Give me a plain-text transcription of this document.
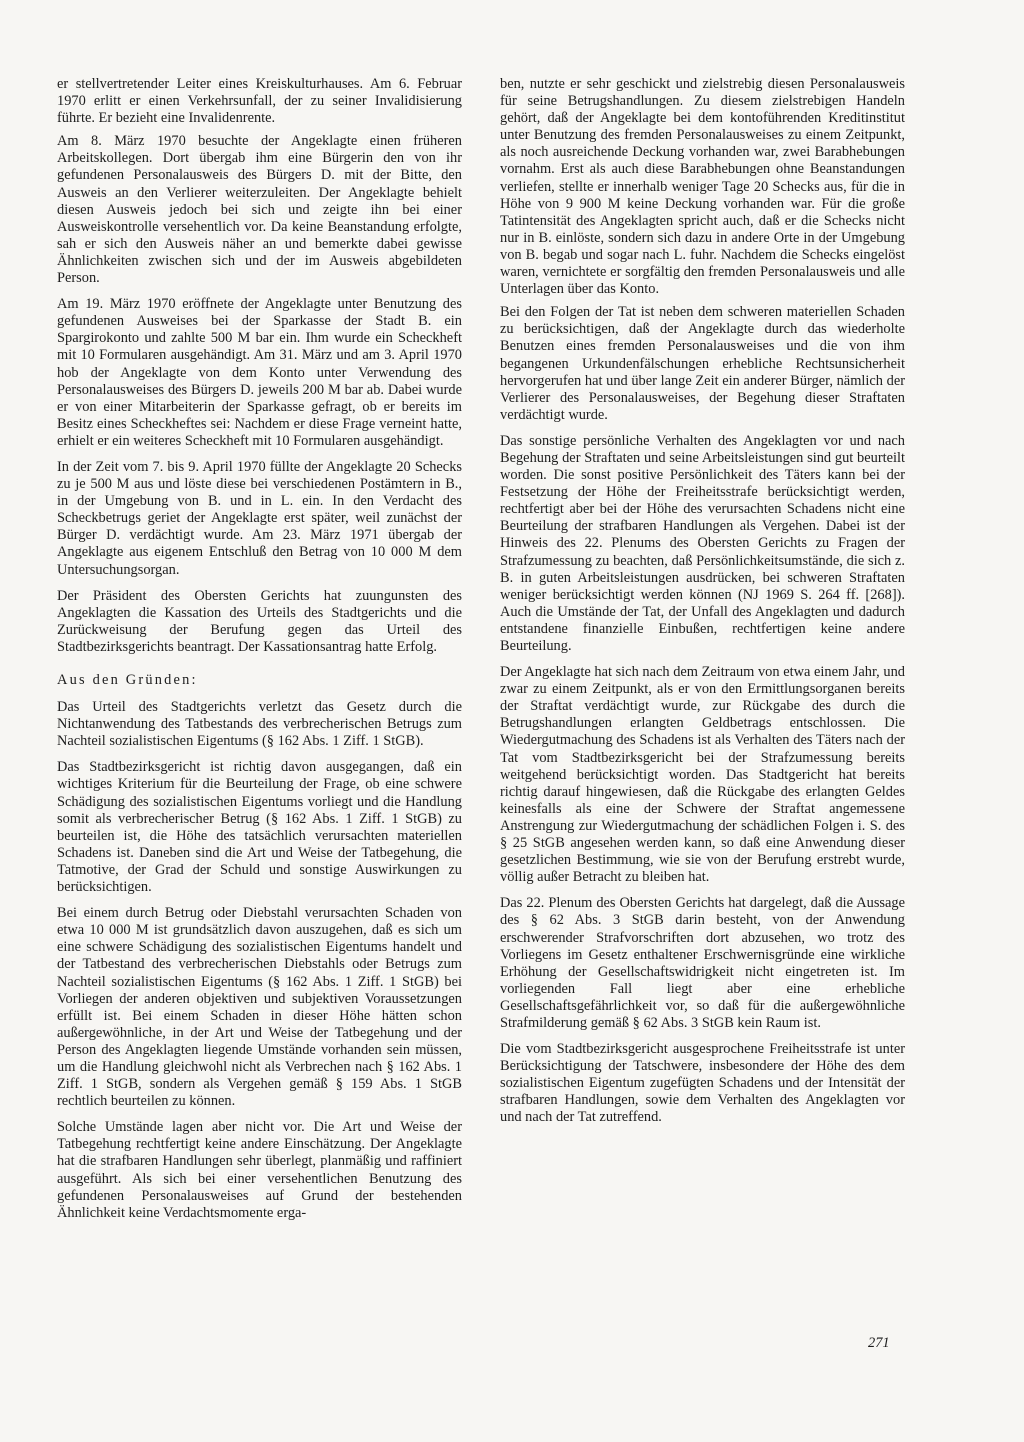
er stellvertretender Leiter eines Kreiskulturhauses. Am 6. Februar 1970 erlitt er einen Verkehrsunfall, der zu seiner Invalidisierung führte. Er bezieht eine Invalidenrente.

Am 8. März 1970 besuchte der Angeklagte einen früheren Arbeitskollegen. Dort übergab ihm eine Bürgerin den von ihr gefundenen Personalausweis des Bürgers D. mit der Bitte, den Ausweis an den Verlierer weiterzuleiten. Der Angeklagte behielt diesen Ausweis jedoch bei sich und zeigte ihn bei einer Ausweiskontrolle versehentlich vor. Da keine Beanstandung erfolgte, sah er sich den Ausweis näher an und bemerkte dabei gewisse Ähnlichkeiten zwischen sich und der im Ausweis abgebildeten Person.

Am 19. März 1970 eröffnete der Angeklagte unter Benutzung des gefundenen Ausweises bei der Sparkasse der Stadt B. ein Spargirokonto und zahlte 500 M bar ein. Ihm wurde ein Scheckheft mit 10 Formularen ausgehändigt. Am 31. März und am 3. April 1970 hob der Angeklagte von dem Konto unter Verwendung des Personalausweises des Bürgers D. jeweils 200 M bar ab. Dabei wurde er von einer Mitarbeiterin der Sparkasse gefragt, ob er bereits im Besitz eines Scheckheftes sei: Nachdem er diese Frage verneint hatte, erhielt er ein weiteres Scheckheft mit 10 Formularen ausgehändigt.

In der Zeit vom 7. bis 9. April 1970 füllte der Angeklagte 20 Schecks zu je 500 M aus und löste diese bei verschiedenen Postämtern in B., in der Umgebung von B. und in L. ein. In den Verdacht des Scheckbetrugs geriet der Angeklagte erst später, weil zunächst der Bürger D. verdächtigt wurde. Am 23. März 1971 übergab der Angeklagte aus eigenem Entschluß den Betrag von 10 000 M dem Untersuchungsorgan.

Der Präsident des Obersten Gerichts hat zuungunsten des Angeklagten die Kassation des Urteils des Stadtgerichts und die Zurückweisung der Berufung gegen das Urteil des Stadtbezirksgerichts beantragt. Der Kassationsantrag hatte Erfolg.

Aus den Gründen:

Das Urteil des Stadtgerichts verletzt das Gesetz durch die Nichtanwendung des Tatbestands des verbrecherischen Betrugs zum Nachteil sozialistischen Eigentums (§ 162 Abs. 1 Ziff. 1 StGB).

Das Stadtbezirksgericht ist richtig davon ausgegangen, daß ein wichtiges Kriterium für die Beurteilung der Frage, ob eine schwere Schädigung des sozialistischen Eigentums vorliegt und die Handlung somit als verbrecherischer Betrug (§ 162 Abs. 1 Ziff. 1 StGB) zu beurteilen ist, die Höhe des tatsächlich verursachten materiellen Schadens ist. Daneben sind die Art und Weise der Tatbegehung, die Tatmotive, der Grad der Schuld und sonstige Auswirkungen zu berücksichtigen.

Bei einem durch Betrug oder Diebstahl verursachten Schaden von etwa 10 000 M ist grundsätzlich davon auszugehen, daß es sich um eine schwere Schädigung des sozialistischen Eigentums handelt und der Tatbestand des verbrecherischen Diebstahls oder Betrugs zum Nachteil sozialistischen Eigentums (§ 162 Abs. 1 Ziff. 1 StGB) bei Vorliegen der anderen objektiven und subjektiven Voraussetzungen erfüllt ist. Bei einem Schaden in dieser Höhe hätten schon außergewöhnliche, in der Art und Weise der Tatbegehung und der Person des Angeklagten liegende Umstände vorhanden sein müssen, um die Handlung gleichwohl nicht als Verbrechen nach § 162 Abs. 1 Ziff. 1 StGB, sondern als Vergehen gemäß § 159 Abs. 1 StGB rechtlich beurteilen zu können.

Solche Umstände lagen aber nicht vor. Die Art und Weise der Tatbegehung rechtfertigt keine andere Einschätzung. Der Angeklagte hat die strafbaren Handlungen sehr überlegt, planmäßig und raffiniert ausgeführt. Als sich bei einer versehentlichen Benutzung des gefundenen Personalausweises auf Grund der bestehenden Ähnlichkeit keine Verdachtsmomente erga-

ben, nutzte er sehr geschickt und zielstrebig diesen Personalausweis für seine Betrugshandlungen. Zu diesem zielstrebigen Handeln gehört, daß der Angeklagte bei dem kontoführenden Kreditinstitut unter Benutzung des fremden Personalausweises zu einem Zeitpunkt, als noch ausreichende Deckung vorhanden war, zwei Barabhebungen vornahm. Erst als auch diese Barabhebungen ohne Beanstandungen verliefen, stellte er innerhalb weniger Tage 20 Schecks aus, für die in Höhe von 9 900 M keine Deckung vorhanden war. Für die große Tatintensität des Angeklagten spricht auch, daß er die Schecks nicht nur in B. einlöste, sondern sich dazu in andere Orte in der Umgebung von B. begab und sogar nach L. fuhr. Nachdem die Schecks eingelöst waren, vernichtete er sorgfältig den fremden Personalausweis und alle Unterlagen über das Konto.

Bei den Folgen der Tat ist neben dem schweren materiellen Schaden zu berücksichtigen, daß der Angeklagte durch das wiederholte Benutzen eines fremden Personalausweises und die von ihm begangenen Urkundenfälschungen erhebliche Rechtsunsicherheit hervorgerufen hat und über lange Zeit ein anderer Bürger, nämlich der Verlierer des Personalausweises, der Begehung dieser Straftaten verdächtigt wurde.

Das sonstige persönliche Verhalten des Angeklagten vor und nach Begehung der Straftaten und seine Arbeitsleistungen sind gut beurteilt worden. Die sonst positive Persönlichkeit des Täters kann bei der Festsetzung der Höhe der Freiheitsstrafe berücksichtigt werden, rechtfertigt aber bei der Höhe des verursachten Schadens nicht eine Beurteilung der strafbaren Handlungen als Vergehen. Dabei ist der Hinweis des 22. Plenums des Obersten Gerichts zu Fragen der Strafzumessung zu beachten, daß Persönlichkeitsumstände, die sich z. B. in guten Arbeitsleistungen ausdrücken, bei schweren Straftaten weniger berücksichtigt werden können (NJ 1969 S. 264 ff. [268]). Auch die Umstände der Tat, der Unfall des Angeklagten und dadurch entstandene finanzielle Einbußen, rechtfertigen keine andere Beurteilung.

Der Angeklagte hat sich nach dem Zeitraum von etwa einem Jahr, und zwar zu einem Zeitpunkt, als er von den Ermittlungsorganen bereits der Straftat verdächtigt wurde, zur Rückgabe des durch die Betrugshandlungen erlangten Geldbetrags entschlossen. Die Wiedergutmachung des Schadens ist als Verhalten des Täters nach der Tat vom Stadtbezirksgericht bei der Strafzumessung bereits weitgehend berücksichtigt worden. Das Stadtgericht hat bereits richtig darauf hingewiesen, daß die Rückgabe des erlangten Geldes keinesfalls als eine der Schwere der Straftat angemessene Anstrengung zur Wiedergutmachung der schädlichen Folgen i. S. des § 25 StGB angesehen werden kann, so daß eine Anwendung dieser gesetzlichen Bestimmung, wie sie von der Berufung erstrebt wurde, völlig außer Betracht zu bleiben hat.

Das 22. Plenum des Obersten Gerichts hat dargelegt, daß die Aussage des § 62 Abs. 3 StGB darin besteht, von der Anwendung erschwerender Strafvorschriften dort abzusehen, wo trotz des Vorliegens im Gesetz enthaltener Erschwernisgründe eine wirkliche Erhöhung der Gesellschaftswidrigkeit nicht eingetreten ist. Im vorliegenden Fall liegt aber eine erhebliche Gesellschaftsgefährlichkeit vor, so daß für die außergewöhnliche Strafmilderung gemäß § 62 Abs. 3 StGB kein Raum ist.

Die vom Stadtbezirksgericht ausgesprochene Freiheitsstrafe ist unter Berücksichtigung der Tatschwere, insbesondere der Höhe des dem sozialistischen Eigentum zugefügten Schadens und der Intensität der strafbaren Handlungen, sowie dem Verhalten des Angeklagten vor und nach der Tat zutreffend.

271
